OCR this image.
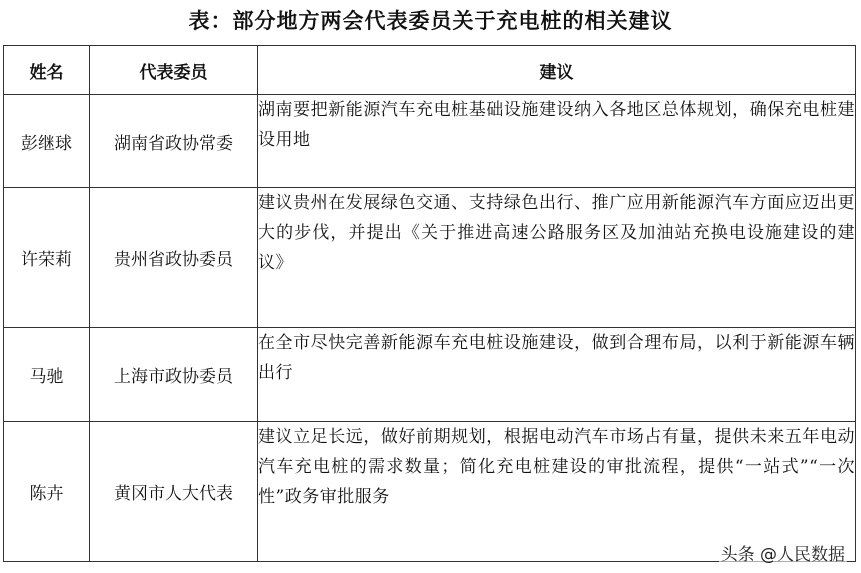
表：部分地方两会代表委员关于充电桩的相关建议
姓名	代表委员	建议
彭继球	湖南省政协常委	湖南要把新能源汽车充电桩基础设施建设纳入各地区总体规划，确保充电桩建设用地
许荣莉	贵州省政协委员	建议贵州在发展绿色交通、支持绿色出行、推广应用新能源汽车方面应迈出更大的步伐，并提出《关于推进高速公路服务区及加油站充换电设施建设的建议》
马驰	上海市政协委员	在全市尽快完善新能源车充电桩设施建设，做到合理布局，以利于新能源车辆出行
陈卉	黄冈市人大代表	建议立足长远，做好前期规划，根据电动汽车市场占有量，提供未来五年电动汽车充电桩的需求数量；简化充电桩建设的审批流程，提供“一站式”“一次性”政务审批服务
头条 @人民数据
